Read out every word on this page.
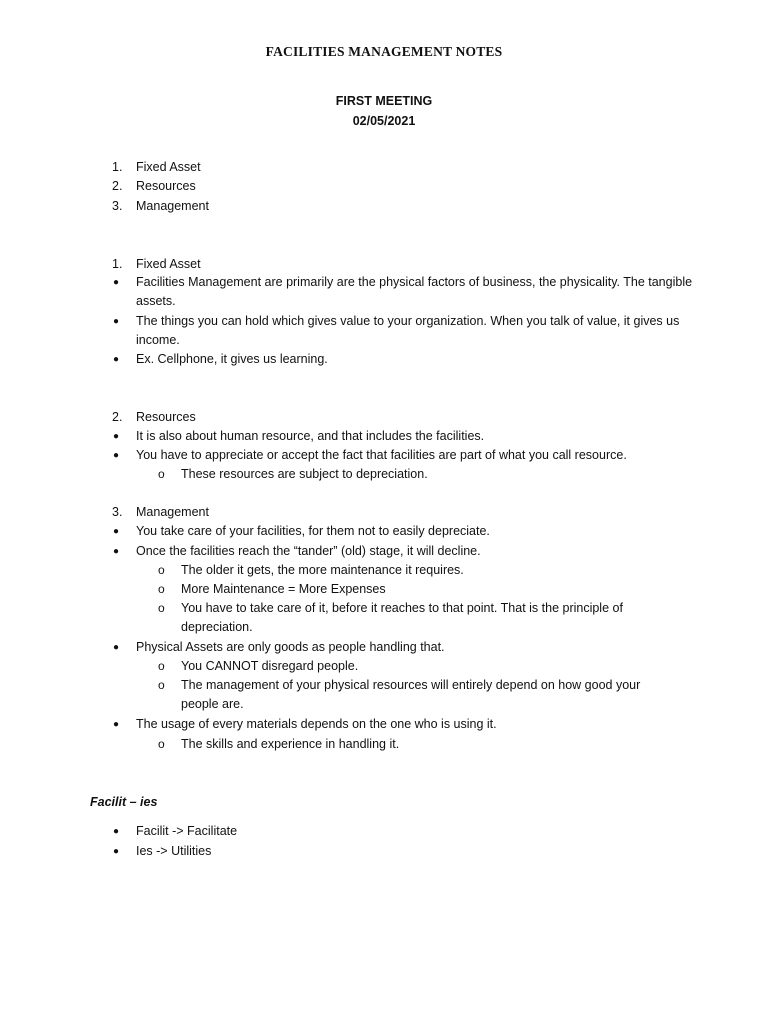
FACILITIES MANAGEMENT NOTES
FIRST MEETING
02/05/2021
1. Fixed Asset
2. Resources
3. Management
1. Fixed Asset
● Facilities Management are primarily are the physical factors of business, the physicality. The tangible assets.
● The things you can hold which gives value to your organization. When you talk of value, it gives us income.
● Ex. Cellphone, it gives us learning.
2. Resources
● It is also about human resource, and that includes the facilities.
● You have to appreciate or accept the fact that facilities are part of what you call resource.
o These resources are subject to depreciation.
3. Management
● You take care of your facilities, for them not to easily depreciate.
● Once the facilities reach the “tander” (old) stage, it will decline.
o The older it gets, the more maintenance it requires.
o More Maintenance = More Expenses
o You have to take care of it, before it reaches to that point. That is the principle of depreciation.
● Physical Assets are only goods as people handling that.
o You CANNOT disregard people.
o The management of your physical resources will entirely depend on how good your people are.
● The usage of every materials depends on the one who is using it.
o The skills and experience in handling it.
Facilit – ies
● Facilit -> Facilitate
● Ies -> Utilities
